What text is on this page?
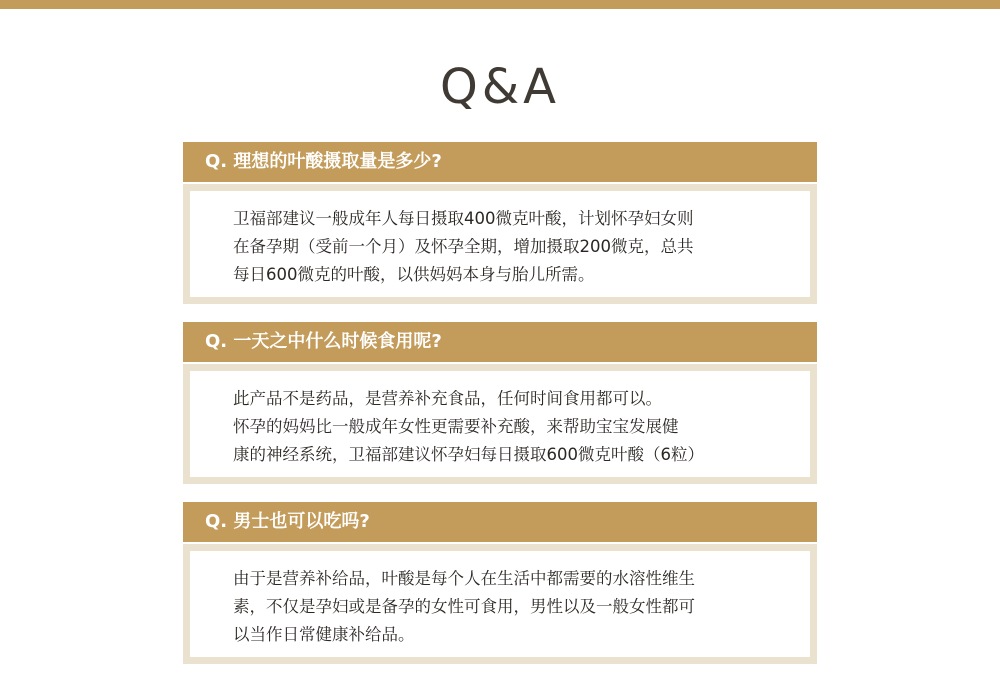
Q&A
Q. 理想的叶酸摄取量是多少?
卫福部建议一般成年人每日摄取400微克叶酸，计划怀孕妇女则
在备孕期（受前一个月）及怀孕全期，增加摄取200微克，总共
每日600微克的叶酸，以供妈妈本身与胎儿所需。
Q. 一天之中什么时候食用呢?
此产品不是药品，是营养补充食品，任何时间食用都可以。
怀孕的妈妈比一般成年女性更需要补充酸，来帮助宝宝发展健
康的神经系统，卫福部建议怀孕妇每日摄取600微克叶酸（6粒）
Q. 男士也可以吃吗?
由于是营养补给品，叶酸是每个人在生活中都需要的水溶性维生
素，不仅是孕妇或是备孕的女性可食用，男性以及一般女性都可
以当作日常健康补给品。
